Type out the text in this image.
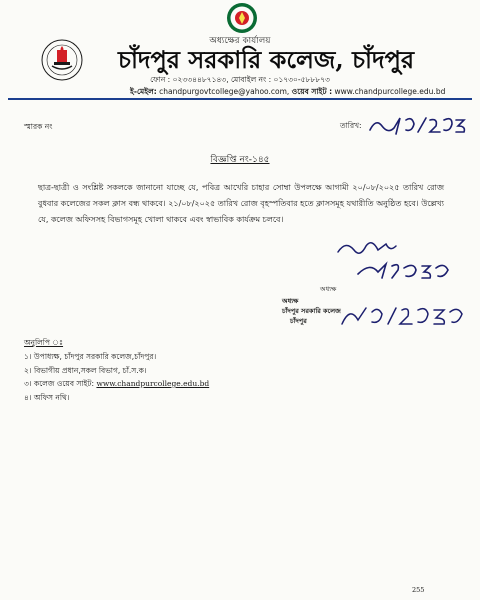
অধ্যক্ষের কার্যালয়
চাঁদপুর সরকারি কলেজ, চাঁদপুর
ফোন : ০২৩৩৪৪৮৭১৪৩, মোবাইল নং : ০১৭৩০-৫৮৮৮৭৩
ই-মেইল: chandpurgovtcollege@yahoo.com, ওয়েব সাইট : www.chandpurcollege.edu.bd
স্মারক নং	তারিখ:
বিজ্ঞপ্তি নং-১৪৫
ছাত্র-ছাত্রী ও সংশ্লিষ্ট সকলকে জানানো যাচ্ছে যে, পবিত্র আখেরি চাহার সোম্বা উপলক্ষে আগামী ২০/০৮/২০২৫ তারিখ রোজ বুধবার কলেজের সকল ক্লাস বন্ধ থাকবে। ২১/০৮/২০২৫ তারিখ রোজ বৃহস্পতিবার হতে ক্লাসসমূহ যথারীতি অনুষ্ঠিত হবে। উল্লেখ্য যে, কলেজ অফিসসহ বিভাগসমূহ খোলা থাকবে এবং স্বাভাবিক কার্যক্রম চলবে।
অধ্যক্ষ
অধ্যক্ষ
চাঁদপুর সরকারি কলেজ
চাঁদপুর
অনুলিপি ঃ
১। উপাধ্যক্ষ, চাঁদপুর সরকারি কলেজ,চাঁদপুর।
২। বিভাগীয় প্রধান,সকল বিভাগ, চাঁ.স.ক।
৩। কলেজ ওয়েব সাইট: www.chandpurcollege.edu.bd
৪। অফিস নথি।
255
